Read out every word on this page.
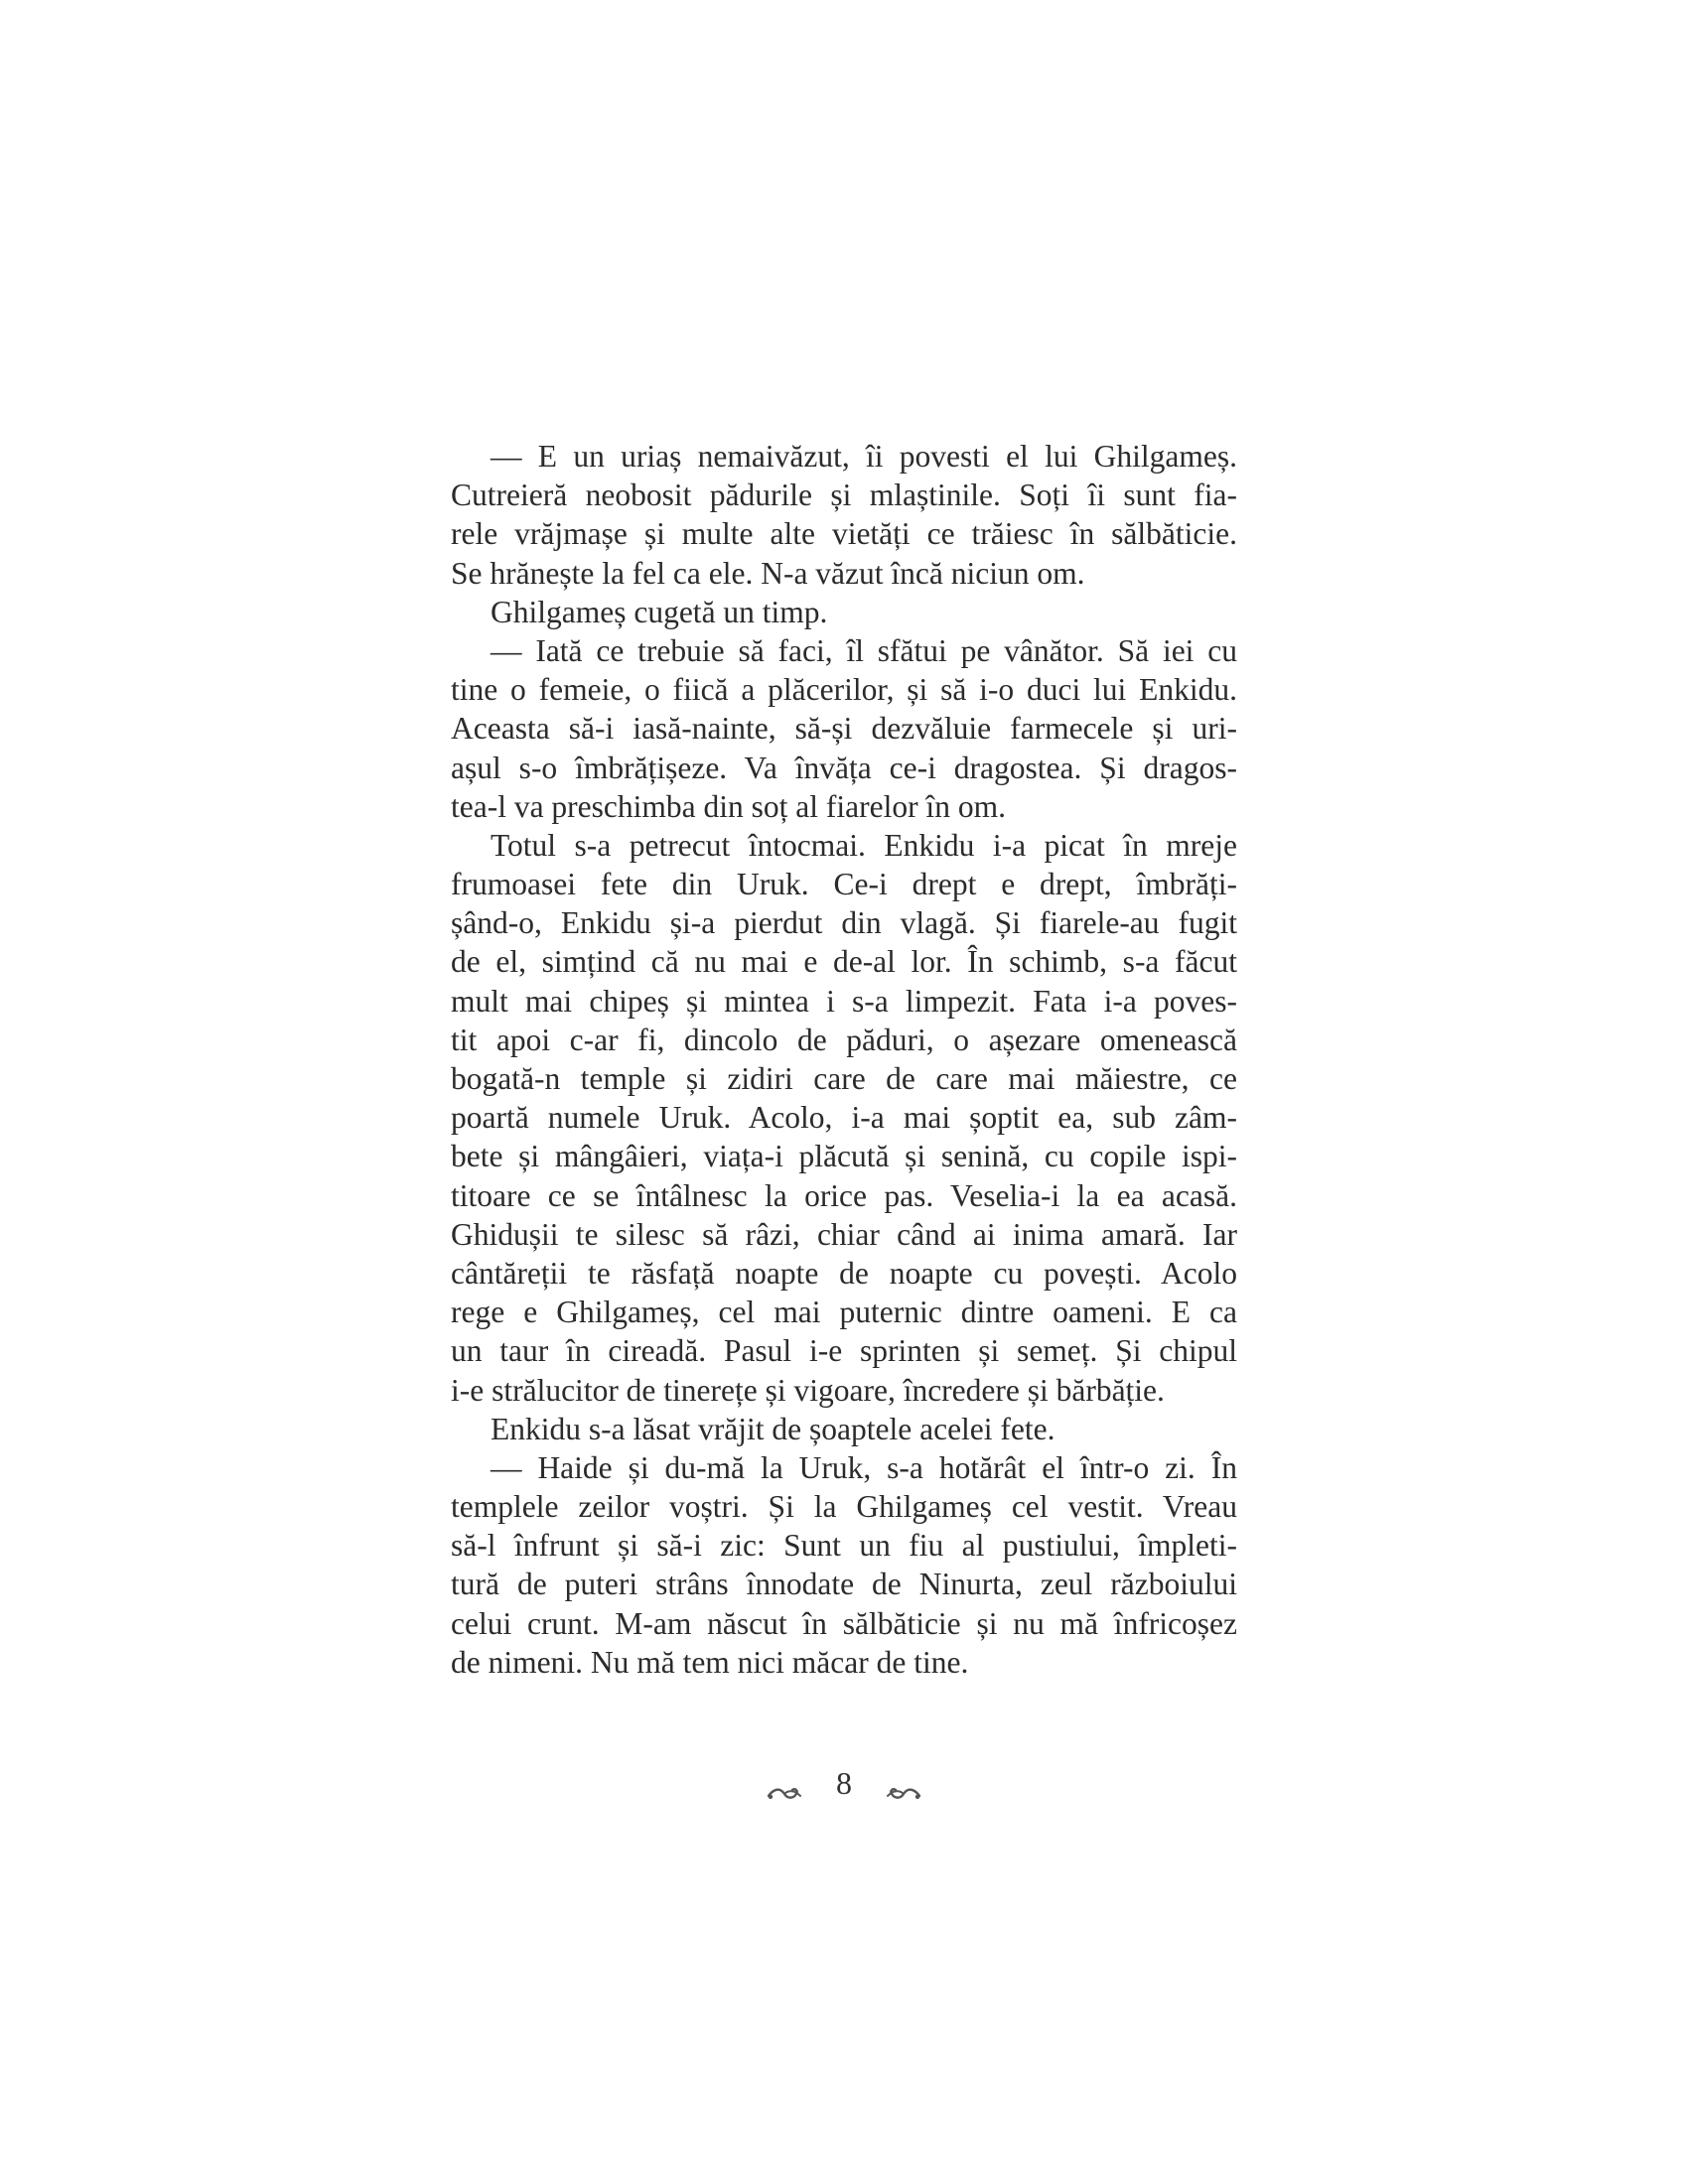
— E un uriaș nemaivăzut, îi povesti el lui Ghilgameș.
Cutreieră neobosit pădurile și mlaștinile. Soți îi sunt fia-
rele vrăjmașe și multe alte vietăți ce trăiesc în sălbăticie.
Se hrănește la fel ca ele. N-a văzut încă niciun om.
Ghilgameș cugetă un timp.
— Iată ce trebuie să faci, îl sfătui pe vânător. Să iei cu
tine o femeie, o fiică a plăcerilor, și să i-o duci lui Enkidu.
Aceasta să-i iasă-nainte, să-și dezvăluie farmecele și uri-
așul s-o îmbrățișeze. Va învăța ce-i dragostea. Și dragos-
tea-l va preschimba din soț al fiarelor în om.
Totul s-a petrecut întocmai. Enkidu i-a picat în mreje
frumoasei fete din Uruk. Ce-i drept e drept, îmbrăți-
șând-o, Enkidu și-a pierdut din vlagă. Și fiarele-au fugit
de el, simțind că nu mai e de-al lor. În schimb, s-a făcut
mult mai chipeș și mintea i s-a limpezit. Fata i-a poves-
tit apoi c-ar fi, dincolo de păduri, o așezare omenească
bogată-n temple și zidiri care de care mai măiestre, ce
poartă numele Uruk. Acolo, i-a mai șoptit ea, sub zâm-
bete și mângâieri, viața-i plăcută și senină, cu copile ispi-
titoare ce se întâlnesc la orice pas. Veselia-i la ea acasă.
Ghidușii te silesc să râzi, chiar când ai inima amară. Iar
cântăreții te răsfață noapte de noapte cu povești. Acolo
rege e Ghilgameș, cel mai puternic dintre oameni. E ca
un taur în cireadă. Pasul i-e sprinten și semeț. Și chipul
i-e strălucitor de tinerețe și vigoare, încredere și bărbăție.
Enkidu s-a lăsat vrăjit de șoaptele acelei fete.
— Haide și du-mă la Uruk, s-a hotărât el într-o zi. În
templele zeilor voștri. Și la Ghilgameș cel vestit. Vreau
să-l înfrunt și să-i zic: Sunt un fiu al pustiului, împleti-
tură de puteri strâns înnodate de Ninurta, zeul războiului
celui crunt. M-am născut în sălbăticie și nu mă înfricoșez
de nimeni. Nu mă tem nici măcar de tine.
8
